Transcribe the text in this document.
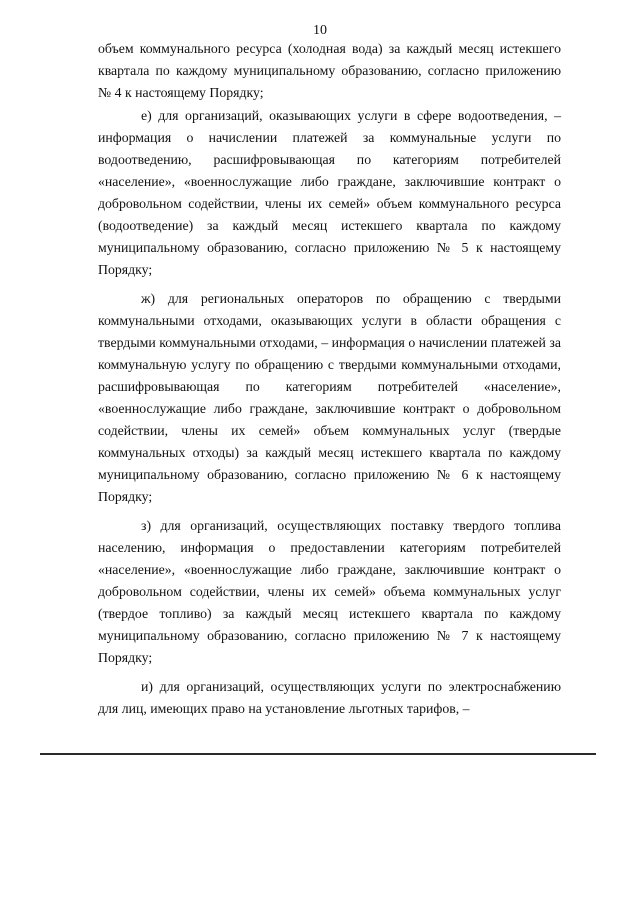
10

объем коммунального ресурса (холодная вода) за каждый месяц истекшего квартала по каждому муниципальному образованию, согласно приложению № 4 к настоящему Порядку;

е) для организаций, оказывающих услуги в сфере водоотведения, – информация о начислении платежей за коммунальные услуги по водоотведению, расшифровывающая по категориям потребителей «население», «военнослужащие либо граждане, заключившие контракт о добровольном содействии, члены их семей» объем коммунального ресурса (водоотведение) за каждый месяц истекшего квартала по каждому муниципальному образованию, согласно приложению № 5 к настоящему Порядку;

ж) для региональных операторов по обращению с твердыми коммунальными отходами, оказывающих услуги в области обращения с твердыми коммунальными отходами, – информация о начислении платежей за коммунальную услугу по обращению с твердыми коммунальными отходами, расшифровывающая по категориям потребителей «население», «военнослужащие либо граждане, заключившие контракт о добровольном содействии, члены их семей» объем коммунальных услуг (твердые коммунальных отходы) за каждый месяц истекшего квартала по каждому муниципальному образованию, согласно приложению № 6 к настоящему Порядку;

з) для организаций, осуществляющих поставку твердого топлива населению, информация о предоставлении категориям потребителей «население», «военнослужащие либо граждане, заключившие контракт о добровольном содействии, члены их семей» объема коммунальных услуг (твердое топливо) за каждый месяц истекшего квартала по каждому муниципальному образованию, согласно приложению № 7 к настоящему Порядку;

и) для организаций, осуществляющих услуги по электроснабжению для лиц, имеющих право на установление льготных тарифов, –
